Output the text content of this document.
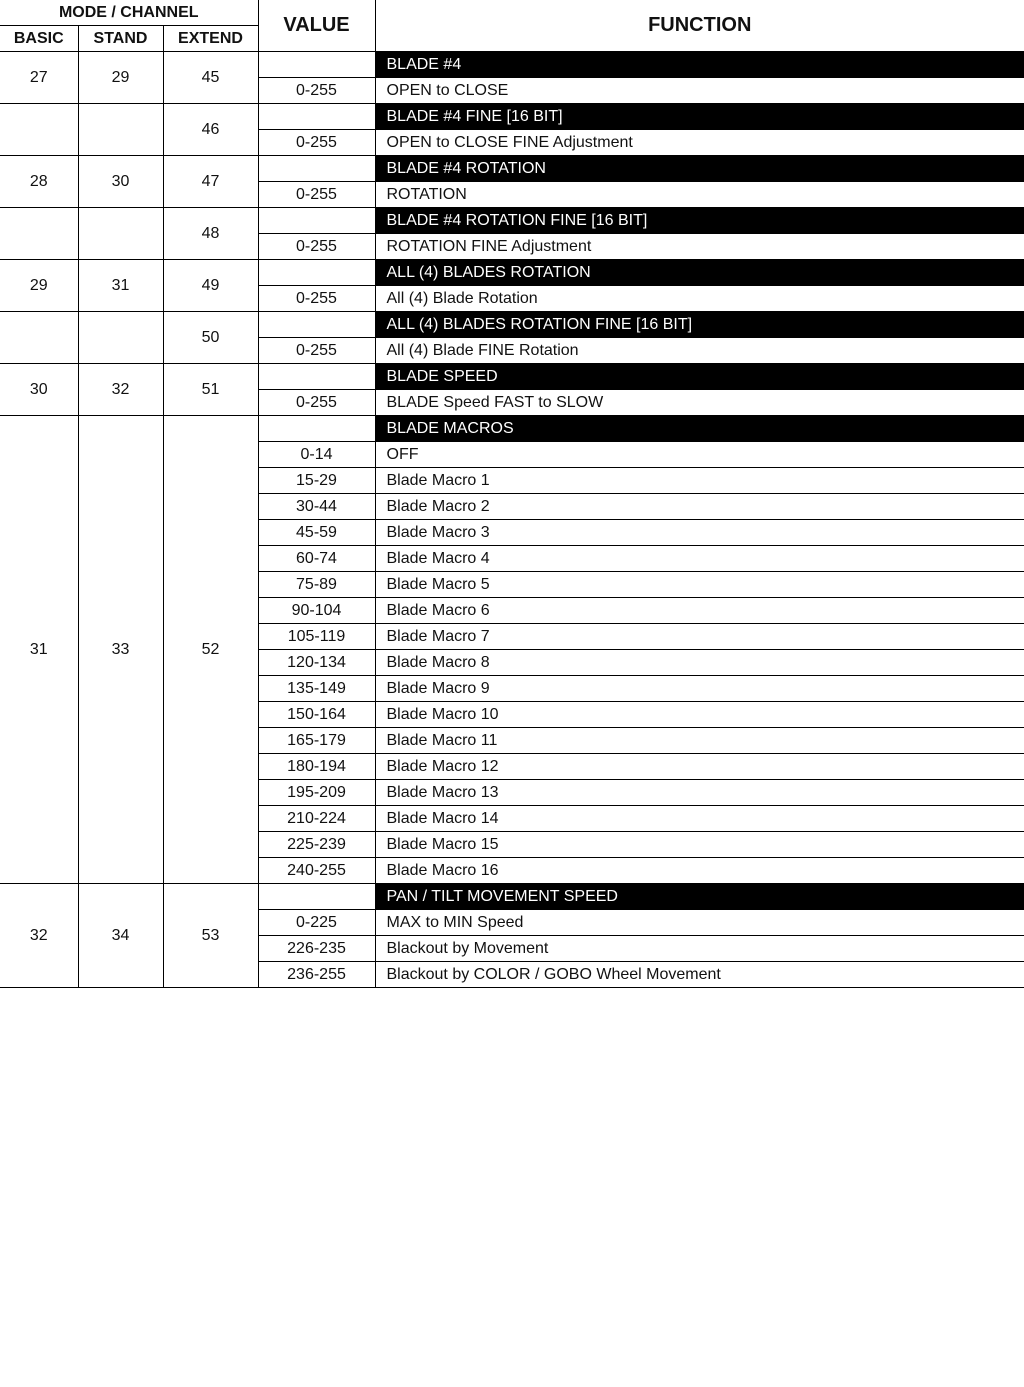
MODE / CHANNEL			VALUE	FUNCTION
BASIC	STAND	EXTEND		
27	29	45		BLADE #4
			0-255	OPEN to CLOSE
		46		BLADE #4 FINE [16 BIT]
			0-255	OPEN to CLOSE FINE Adjustment
28	30	47		BLADE #4 ROTATION
			0-255	ROTATION
		48		BLADE #4 ROTATION FINE [16 BIT]
			0-255	ROTATION FINE Adjustment
29	31	49		ALL (4) BLADES ROTATION
			0-255	All (4) Blade Rotation
		50		ALL (4) BLADES ROTATION FINE [16 BIT]
			0-255	All (4) Blade FINE Rotation
30	32	51		BLADE SPEED
			0-255	BLADE Speed FAST to SLOW
31	33	52		BLADE MACROS
			0-14	OFF
			15-29	Blade Macro 1
			30-44	Blade Macro 2
			45-59	Blade Macro 3
			60-74	Blade Macro 4
			75-89	Blade Macro 5
			90-104	Blade Macro 6
			105-119	Blade Macro 7
			120-134	Blade Macro 8
			135-149	Blade Macro 9
			150-164	Blade Macro 10
			165-179	Blade Macro 11
			180-194	Blade Macro 12
			195-209	Blade Macro 13
			210-224	Blade Macro 14
			225-239	Blade Macro 15
			240-255	Blade Macro 16
32	34	53		PAN / TILT MOVEMENT SPEED
			0-225	MAX to MIN Speed
			226-235	Blackout by Movement
			236-255	Blackout by COLOR / GOBO Wheel Movement
